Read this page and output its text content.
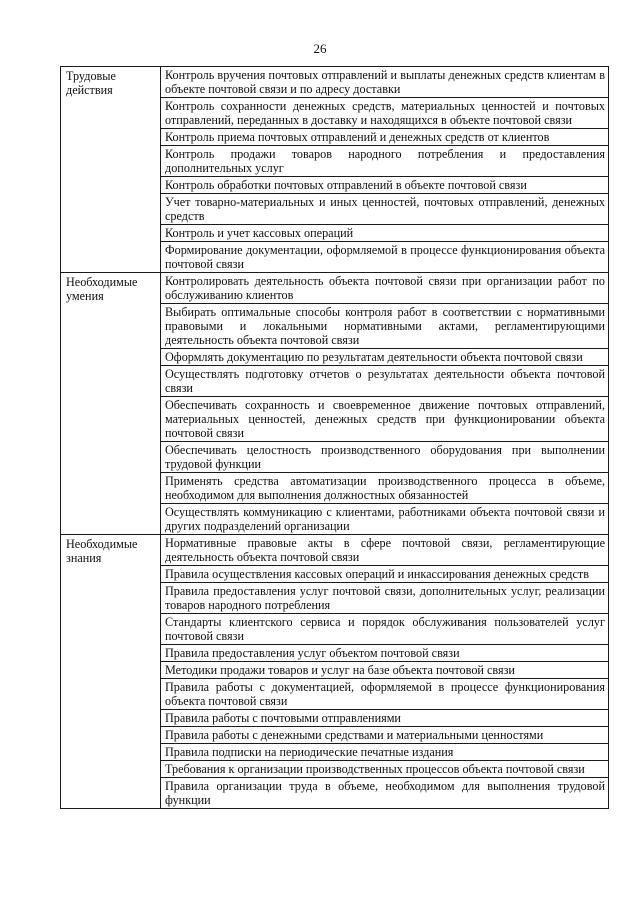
26
Трудовые действия	Контроль вручения почтовых отправлений и выплаты денежных средств клиентам в объекте почтовой связи и по адресу доставки
	Контроль сохранности денежных средств, материальных ценностей и почтовых отправлений, переданных в доставку и находящихся в объекте почтовой связи
	Контроль приема почтовых отправлений и денежных средств от клиентов
	Контроль продажи товаров народного потребления и предоставления дополнительных услуг
	Контроль обработки почтовых отправлений в объекте почтовой связи
	Учет товарно-материальных и иных ценностей, почтовых отправлений, денежных средств
	Контроль и учет кассовых операций
	Формирование документации, оформляемой в процессе функционирования объекта почтовой связи
Необходимые умения	Контролировать деятельность объекта почтовой связи при организации работ по обслуживанию клиентов
	Выбирать оптимальные способы контроля работ в соответствии с нормативными правовыми и локальными нормативными актами, регламентирующими деятельность объекта почтовой связи
	Оформлять документацию по результатам деятельности объекта почтовой связи
	Осуществлять подготовку отчетов о результатах деятельности объекта почтовой связи
	Обеспечивать сохранность и своевременное движение почтовых отправлений, материальных ценностей, денежных средств при функционировании объекта почтовой связи
	Обеспечивать целостность производственного оборудования при выполнении трудовой функции
	Применять средства автоматизации производственного процесса в объеме, необходимом для выполнения должностных обязанностей
	Осуществлять коммуникацию с клиентами, работниками объекта почтовой связи и других подразделений организации
Необходимые знания	Нормативные правовые акты в сфере почтовой связи, регламентирующие деятельность объекта почтовой связи
	Правила осуществления кассовых операций и инкассирования денежных средств
	Правила предоставления услуг почтовой связи, дополнительных услуг, реализации товаров народного потребления
	Стандарты клиентского сервиса и порядок обслуживания пользователей услуг почтовой связи
	Правила предоставления услуг объектом почтовой связи
	Методики продажи товаров и услуг на базе объекта почтовой связи
	Правила работы с документацией, оформляемой в процессе функционирования объекта почтовой связи
	Правила работы с почтовыми отправлениями
	Правила работы с денежными средствами и материальными ценностями
	Правила подписки на периодические печатные издания
	Требования к организации производственных процессов объекта почтовой связи
	Правила организации труда в объеме, необходимом для выполнения трудовой функции
